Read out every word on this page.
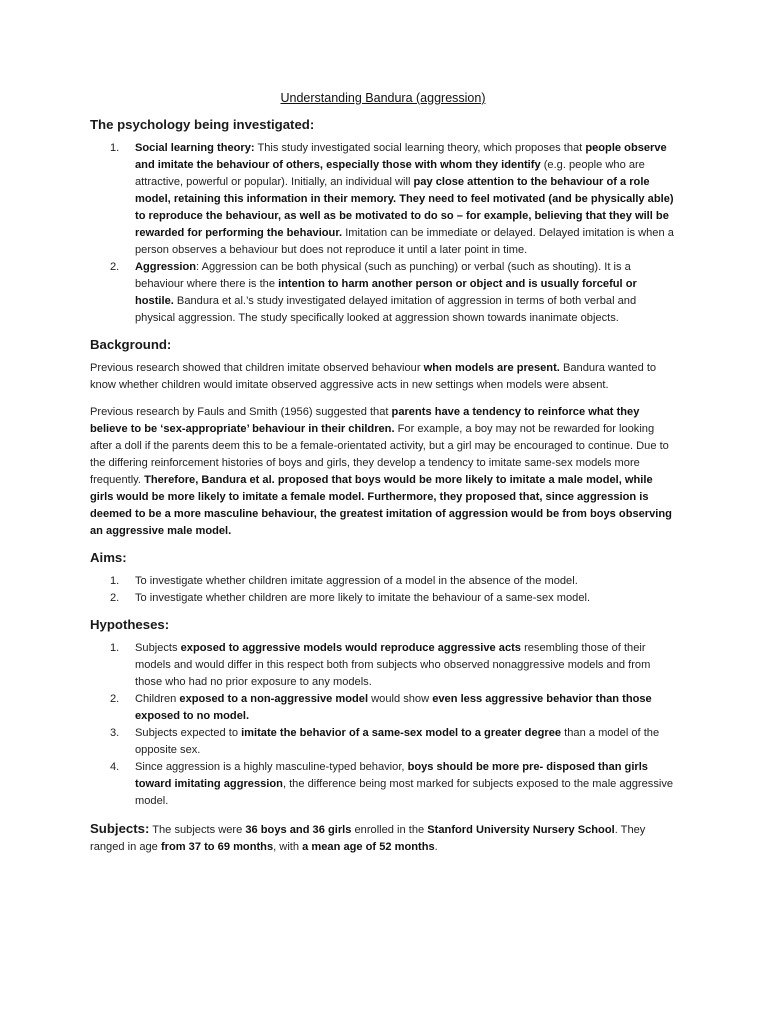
Understanding Bandura (aggression)
The psychology being investigated:
1. Social learning theory: This study investigated social learning theory, which proposes that people observe and imitate the behaviour of others, especially those with whom they identify (e.g. people who are attractive, powerful or popular). Initially, an individual will pay close attention to the behaviour of a role model, retaining this information in their memory. They need to feel motivated (and be physically able) to reproduce the behaviour, as well as be motivated to do so – for example, believing that they will be rewarded for performing the behaviour. Imitation can be immediate or delayed. Delayed imitation is when a person observes a behaviour but does not reproduce it until a later point in time.
2. Aggression: Aggression can be both physical (such as punching) or verbal (such as shouting). It is a behaviour where there is the intention to harm another person or object and is usually forceful or hostile. Bandura et al.’s study investigated delayed imitation of aggression in terms of both verbal and physical aggression. The study specifically looked at aggression shown towards inanimate objects.
Background:

Previous research showed that children imitate observed behaviour when models are present. Bandura wanted to know whether children would imitate observed aggressive acts in new settings when models were absent.

Previous research by Fauls and Smith (1956) suggested that parents have a tendency to reinforce what they believe to be ‘sex-appropriate’ behaviour in their children. For example, a boy may not be rewarded for looking after a doll if the parents deem this to be a female-orientated activity, but a girl may be encouraged to continue. Due to the differing reinforcement histories of boys and girls, they develop a tendency to imitate same-sex models more frequently. Therefore, Bandura et al. proposed that boys would be more likely to imitate a male model, while girls would be more likely to imitate a female model. Furthermore, they proposed that, since aggression is deemed to be a more masculine behaviour, the greatest imitation of aggression would be from boys observing an aggressive male model.

Aims:
1. To investigate whether children imitate aggression of a model in the absence of the model.
2. To investigate whether children are more likely to imitate the behaviour of a same-sex model.
Hypotheses:
1. Subjects exposed to aggressive models would reproduce aggressive acts resembling those of their models and would differ in this respect both from subjects who observed nonaggressive models and from those who had no prior exposure to any models.
2. Children exposed to a non-aggressive model would show even less aggressive behavior than those exposed to no model.
3. Subjects expected to imitate the behavior of a same-sex model to a greater degree than a model of the opposite sex.
4. Since aggression is a highly masculine-typed behavior, boys should be more pre- disposed than girls toward imitating aggression, the difference being most marked for subjects exposed to the male aggressive model.
Subjects: The subjects were 36 boys and 36 girls enrolled in the Stanford University Nursery School. They ranged in age from 37 to 69 months, with a mean age of 52 months.
